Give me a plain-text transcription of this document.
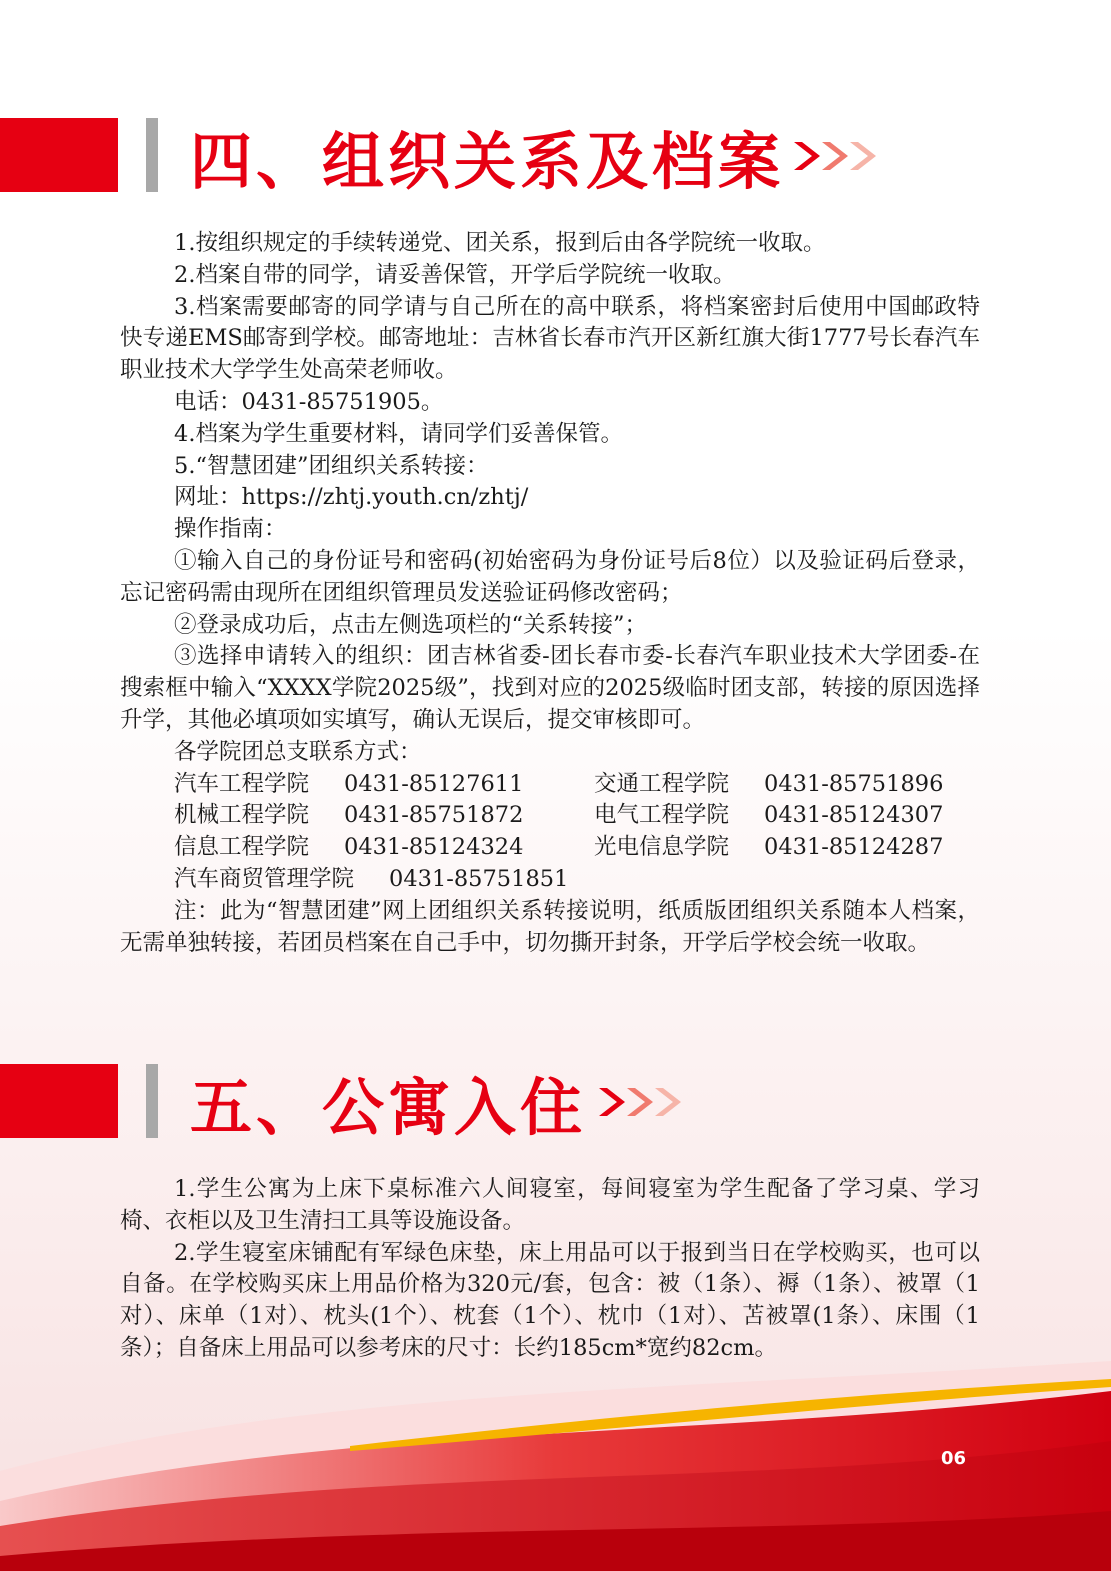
四、组织关系及档案

1.按组织规定的手续转递党、团关系，报到后由各学院统一收取。

2.档案自带的同学，请妥善保管，开学后学院统一收取。

3.档案需要邮寄的同学请与自己所在的高中联系，将档案密封后使用中国邮政特快专递EMS邮寄到学校。邮寄地址：吉林省长春市汽开区新红旗大街1777号长春汽车职业技术大学学生处高荣老师收。

电话：0431-85751905。

4.档案为学生重要材料，请同学们妥善保管。

5.“智慧团建”团组织关系转接：

网址：https://zhtj.youth.cn/zhtj/

操作指南：

①输入自己的身份证号和密码(初始密码为身份证号后8位）以及验证码后登录，忘记密码需由现所在团组织管理员发送验证码修改密码；

②登录成功后，点击左侧选项栏的“关系转接”；

③选择申请转入的组织：团吉林省委-团长春市委-长春汽车职业技术大学团委-在搜索框中输入“XXXX学院2025级”，找到对应的2025级临时团支部，转接的原因选择升学，其他必填项如实填写，确认无误后，提交审核即可。

各学院团总支联系方式：

汽车工程学院	0431-85127611	交通工程学院	0431-85751896
机械工程学院	0431-85751872	电气工程学院	0431-85124307
信息工程学院	0431-85124324	光电信息学院	0431-85124287
汽车商贸管理学院	0431-85751851

注：此为“智慧团建”网上团组织关系转接说明，纸质版团组织关系随本人档案，无需单独转接，若团员档案在自己手中，切勿撕开封条，开学后学校会统一收取。

五、公寓入住

1.学生公寓为上床下桌标准六人间寝室，每间寝室为学生配备了学习桌、学习椅、衣柜以及卫生清扫工具等设施设备。

2.学生寝室床铺配有军绿色床垫，床上用品可以于报到当日在学校购买，也可以自备。在学校购买床上用品价格为320元/套，包含：被（1条）、褥（1条）、被罩（1对）、床单（1对）、枕头(1个）、枕套（1个）、枕巾（1对）、苫被罩(1条）、床围（1条）；自备床上用品可以参考床的尺寸：长约185cm*宽约82cm。

06
